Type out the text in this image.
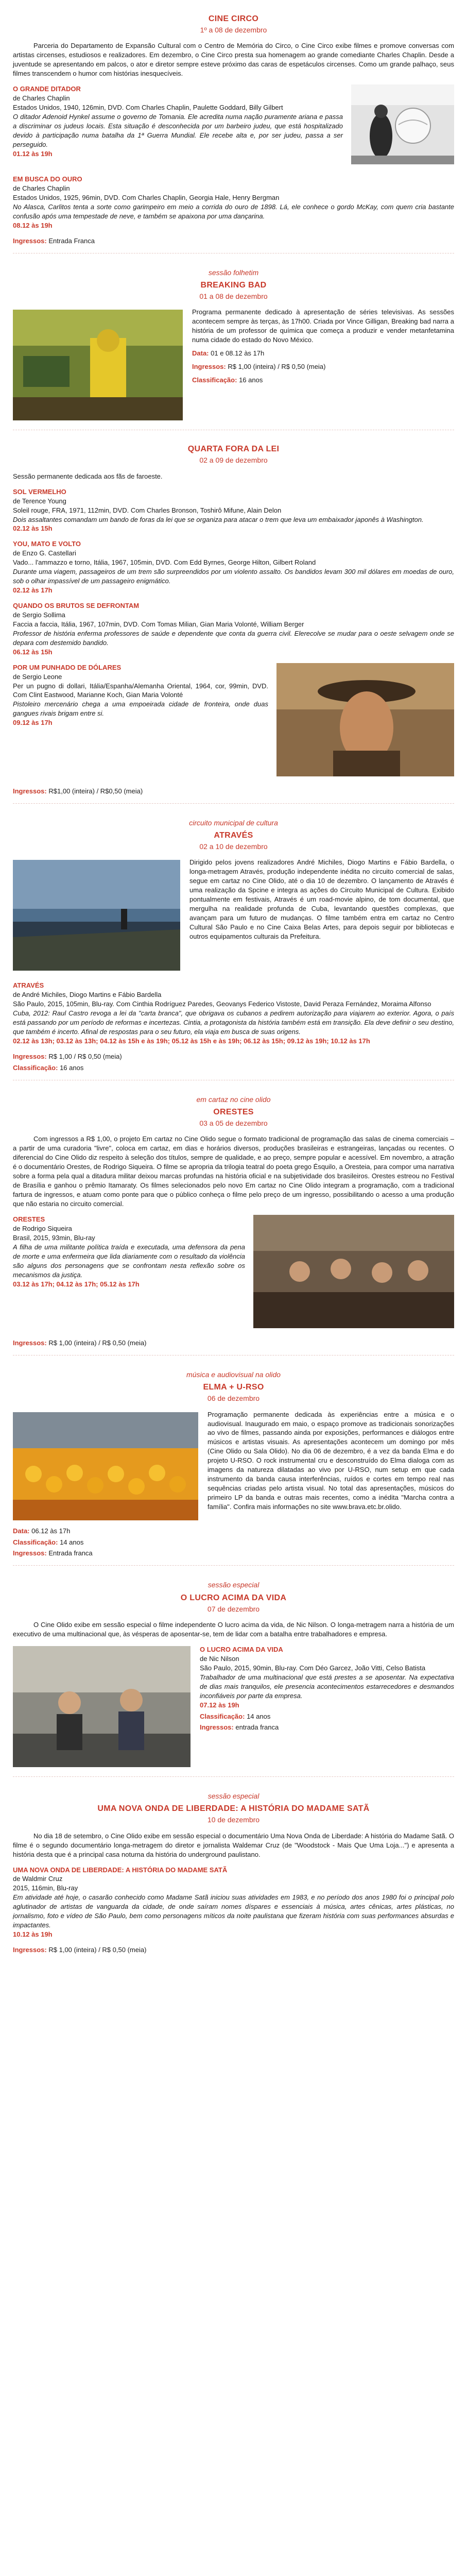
CINE CIRCO
1º a 08 de dezembro

Parceria do Departamento de Expansão Cultural com o Centro de Memória do Circo, o Cine Circo exibe filmes e promove conversas com artistas circenses, estudiosos e realizadores. Em dezembro, o Cine Circo presta sua homenagem ao grande comediante Charles Chaplin. Desde a juventude se apresentando em palcos, o ator e diretor sempre esteve próximo das caras de espetáculos circenses. Como um grande palhaço, seus filmes transcendem o humor com histórias inesquecíveis.

O GRANDE DITADOR

de Charles Chaplin

Estados Unidos, 1940, 126min, DVD. Com Charles Chaplin, Paulette Goddard, Billy Gilbert

O ditador Adenoid Hynkel assume o governo de Tomania. Ele acredita numa nação puramente ariana e passa a discriminar os judeus locais. Esta situação é desconhecida por um barbeiro judeu, que está hospitalizado devido à participação numa batalha da 1ª Guerra Mundial. Ele recebe alta e, por ser judeu, passa a ser perseguido.

01.12 às 19h

EM BUSCA DO OURO

de Charles Chaplin

Estados Unidos, 1925, 96min, DVD. Com Charles Chaplin, Georgia Hale, Henry Bergman

No Alasca, Carlitos tenta a sorte como garimpeiro em meio a corrida do ouro de 1898. Lá, ele conhece o gordo McKay, com quem cria bastante confusão após uma tempestade de neve, e também se apaixona por uma dançarina.

08.12 às 19h

Ingressos: Entrada Franca

sessão folhetim
BREAKING BAD
01 a 08 de dezembro

Programa permanente dedicado à apresentação de séries televisivas. As sessões acontecem sempre às terças, às 17h00. Criada por Vince Gilligan, Breaking bad narra a história de um professor de química que começa a produzir e vender metanfetamina numa cidade do estado do Novo México.

Data: 01 e 08.12 às 17h

Ingressos: R$ 1,00 (inteira) / R$ 0,50 (meia)

Classificação: 16 anos

QUARTA FORA DA LEI
02 a 09 de dezembro

Sessão permanente dedicada aos fãs de faroeste.

SOL VERMELHO

de Terence Young

Soleil rouge, FRA, 1971, 112min, DVD. Com Charles Bronson, Toshirô Mifune, Alain Delon

Dois assaltantes comandam um bando de foras da lei que se organiza para atacar o trem que leva um embaixador japonês à Washington.

02.12 às 15h

YOU, MATO E VOLTO

de Enzo G. Castellari

Vado... l'ammazzo e torno, Itália, 1967, 105min, DVD. Com Edd Byrnes, George Hilton, Gilbert Roland

Durante uma viagem, passageiros de um trem são surpreendidos por um violento assalto. Os bandidos levam 300 mil dólares em moedas de ouro, sob o olhar impassível de um passageiro enigmático.

02.12 às 17h

QUANDO OS BRUTOS SE DEFRONTAM

de Sergio Sollima

Faccia a faccia, Itália, 1967, 107min, DVD. Com Tomas Milian, Gian Maria Volonté, William Berger

Professor de história enferma professores de saúde e dependente que conta da guerra civil. Elerecolve se mudar para o oeste selvagem onde se depara com destemido bandido.

06.12 às 15h

POR UM PUNHADO DE DÓLARES

de Sergio Leone

Per un pugno di dollari, Itália/Espanha/Alemanha Oriental, 1964, cor, 99min, DVD. Com Clint Eastwood, Marianne Koch, Gian Maria Volonté

Pistoleiro mercenário chega a uma empoeirada cidade de fronteira, onde duas gangues rivais brigam entre si.

09.12 às 17h

Ingressos: R$1,00 (inteira) / R$0,50 (meia)

circuito municipal de cultura
ATRAVÉS
02 a 10 de dezembro

Dirigido pelos jovens realizadores André Michiles, Diogo Martins e Fábio Bardella, o longa-metragem Através, produção independente inédita no circuito comercial de salas, segue em cartaz no Cine Olido, até o dia 10 de dezembro. O lançamento de Através é uma realização da Spcine e integra as ações do Circuito Municipal de Cultura. Exibido pontualmente em festivais, Através é um road-movie alpino, de tom documental, que mergulha na realidade profunda de Cuba, levantando questões complexas, que avançam para um futuro de mudanças. O filme também entra em cartaz no Centro Cultural São Paulo e no Cine Caixa Belas Artes, para depois seguir por bibliotecas e outros equipamentos culturais da Prefeitura.

ATRAVÉS

de André Michiles, Diogo Martins e Fábio Bardella

São Paulo, 2015, 105min, Blu-ray. Com Cinthia Rodríguez Paredes, Geovanys Federico Vistoste, David Peraza Fernández, Moraima Alfonso

Cuba, 2012: Raul Castro revoga a lei da "carta branca", que obrigava os cubanos a pedirem autorização para viajarem ao exterior. Agora, o país está passando por um período de reformas e incertezas. Cintia, a protagonista da história também está em transição. Ela deve definir o seu destino, que também é incerto. Afinal de respostas para o seu futuro, ela viaja em busca de suas origens.

02.12 às 13h; 03.12 às 13h; 04.12 às 15h e às 19h; 05.12 às 15h e às 19h; 06.12 às 15h; 09.12 às 19h; 10.12 às 17h

Ingressos: R$ 1,00 / R$ 0,50 (meia)

Classificação: 16 anos

em cartaz no cine olido
ORESTES
03 a 05 de dezembro

Com ingressos a R$ 1,00, o projeto Em cartaz no Cine Olido segue o formato tradicional de programação das salas de cinema comerciais – a partir de uma curadoria "livre", coloca em cartaz, em dias e horários diversos, produções brasileiras e estrangeiras, lançadas ou recentes. O diferencial do Cine Olido diz respeito à seleção dos títulos, sempre de qualidade, e ao preço, sempre popular e acessível. Em novembro, a atração é o documentário Orestes, de Rodrigo Siqueira. O filme se apropria da trilogia teatral do poeta grego Ésquilo, a Oresteia, para compor uma narrativa sobre a forma pela qual a ditadura militar deixou marcas profundas na história oficial e na subjetividade dos brasileiros. Orestes estreou no Festival de Brasília e ganhou o prêmio Itamaraty. Os filmes selecionados pelo novo Em cartaz no Cine Olido integram a programação, com a tradicional fartura de ingressos, e atuam como ponte para que o público conheça o filme pelo preço de um ingresso, possibilitando o acesso a uma produção que não estaria no circuito comercial.

ORESTES

de Rodrigo Siqueira

Brasil, 2015, 93min, Blu-ray

A filha de uma militante política traída e executada, uma defensora da pena de morte e uma enfermeira que lida diariamente com o resultado da violência são alguns dos personagens que se confrontam nesta reflexão sobre os mecanismos da justiça.

03.12 às 17h; 04.12 às 17h; 05.12 às 17h

Ingressos: R$ 1,00 (inteira) / R$ 0,50 (meia)

música e audiovisual na olido
ELMA + U-RSO
06 de dezembro

Programação permanente dedicada às experiências entre a música e o audiovisual. Inaugurado em maio, o espaço promove as tradicionais sonorizações ao vivo de filmes, passando ainda por exposições, performances e diálogos entre músicos e artistas visuais. As apresentações acontecem um domingo por mês (Cine Olido ou Sala Olido). No dia 06 de dezembro, é a vez da banda Elma e do projeto U-RSO. O rock instrumental cru e desconstruído do Elma dialoga com as imagens da natureza dilatadas ao vivo por U-RSO, num setup em que cada instrumento da banda causa interferências, ruídos e cortes em tempo real nas sequências criadas pelo artista visual. No total das apresentações, músicos do primeiro LP da banda e outras mais recentes, como a inédita "Marcha contra a família". Confira mais informações no site www.brava.etc.br.olido.

Data: 06.12 às 17h

Classificação: 14 anos

Ingressos: Entrada franca

sessão especial
O LUCRO ACIMA DA VIDA
07 de dezembro

O Cine Olido exibe em sessão especial o filme independente O lucro acima da vida, de Nic Nilson. O longa-metragem narra a história de um executivo de uma multinacional que, às vésperas de aposentar-se, tem de lidar com a batalha entre trabalhadores e empresa.

O LUCRO ACIMA DA VIDA

de Nic Nilson

São Paulo, 2015, 90min, Blu-ray. Com Déo Garcez, João Vitti, Celso Batista

Trabalhador de uma multinacional que está prestes a se aposentar. Na expectativa de dias mais tranquilos, ele presencia acontecimentos estarrecedores e desmandos inconfiáveis por parte da empresa.

07.12 às 19h

Classificação: 14 anos

Ingressos: entrada franca

sessão especial
UMA NOVA ONDA DE LIBERDADE: A HISTÓRIA DO MADAME SATÃ
10 de dezembro

No dia 18 de setembro, o Cine Olido exibe em sessão especial o documentário Uma Nova Onda de Liberdade: A história do Madame Satã. O filme é o segundo documentário longa-metragem do diretor e jornalista Waldemar Cruz (de "Woodstock - Mais Que Uma Loja...") e apresenta a história desta que é a principal casa noturna da história do underground paulistano.

UMA NOVA ONDA DE LIBERDADE: A HISTÓRIA DO MADAME SATÃ

de Waldmir Cruz

2015, 116min, Blu-ray

Em atividade até hoje, o casarão conhecido como Madame Satã iniciou suas atividades em 1983, e no período dos anos 1980 foi o principal polo aglutinador de artistas de vanguarda da cidade, de onde saíram nomes díspares e essenciais à música, artes cênicas, artes plásticas, no jornalismo, foto e vídeo de São Paulo, bem como personagens míticos da noite paulistana que fizeram história com suas performances absurdas e impactantes.

10.12 às 19h

Ingressos: R$ 1,00 (inteira) / R$ 0,50 (meia)
